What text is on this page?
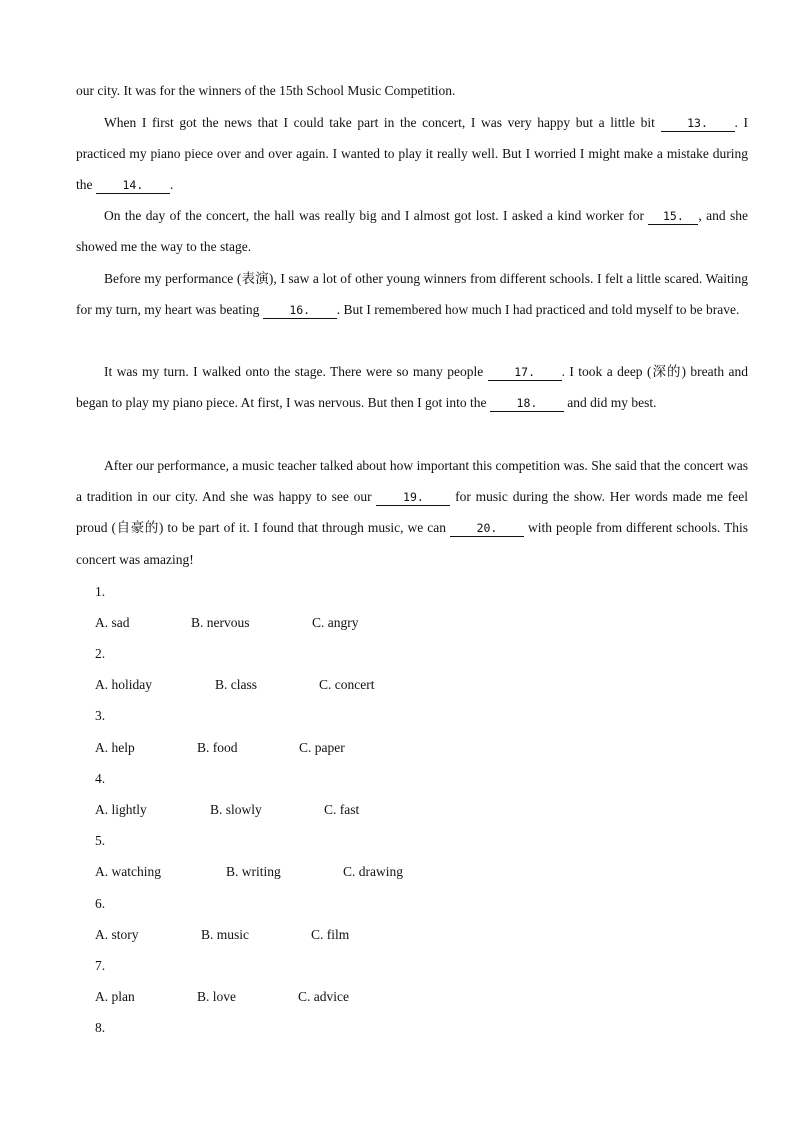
our city. It was for the winners of the 15th School Music Competition.

When I first got the news that I could take part in the concert, I was very happy but a little bit 13. . I practiced my piano piece over and over again. I wanted to play it really well. But I worried I might make a mistake during the 14. .

On the day of the concert, the hall was really big and I almost got lost. I asked a kind worker for 15. , and she showed me the way to the stage.

Before my performance (表演), I saw a lot of other young winners from different schools. I felt a little scared. Waiting for my turn, my heart was beating 16. . But I remembered how much I had practiced and told myself to be brave.

It was my turn. I walked onto the stage. There were so many people 17. . I took a deep (深的) breath and began to play my piano piece. At first, I was nervous. But then I got into the 18. and did my best.

After our performance, a music teacher talked about how important this competition was. She said that the concert was a tradition in our city. And she was happy to see our 19. for music during the show. Her words made me feel proud (自豪的) to be part of it. I found that through music, we can 20. with people from different schools. This concert was amazing!

1.
A. sad	B. nervous	C. angry
2.
A. holiday	B. class	C. concert
3.
A. help	B. food	C. paper
4.
A. lightly	B. slowly	C. fast
5.
A. watching	B. writing	C. drawing
6.
A. story	B. music	C. film
7.
A. plan	B. love	C. advice
8.
